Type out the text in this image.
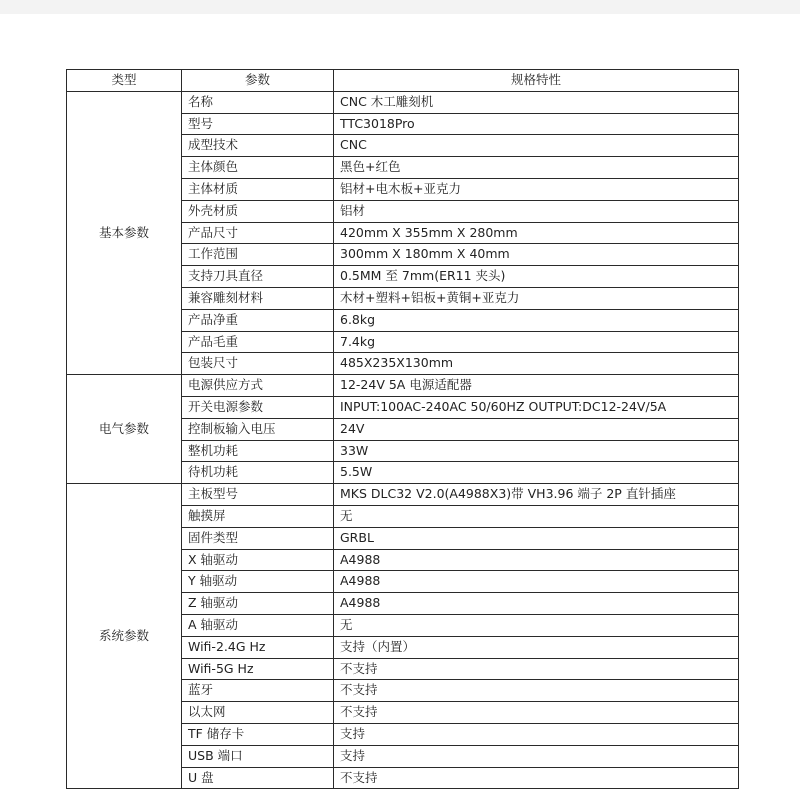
类型	参数	规格特性
基本参数	名称	CNC 木工雕刻机
	型号	TTC3018Pro
	成型技术	CNC
	主体颜色	黑色+红色
	主体材质	铝材+电木板+亚克力
	外壳材质	铝材
	产品尺寸	420mm X 355mm X 280mm
	工作范围	300mm X 180mm X 40mm
	支持刀具直径	0.5MM 至 7mm(ER11 夹头)
	兼容雕刻材料	木材+塑料+铝板+黄铜+亚克力
	产品净重	6.8kg
	产品毛重	7.4kg
	包装尺寸	485X235X130mm
电气参数	电源供应方式	12-24V 5A 电源适配器
	开关电源参数	INPUT:100AC-240AC 50/60HZ OUTPUT:DC12-24V/5A
	控制板输入电压	24V
	整机功耗	33W
	待机功耗	5.5W
系统参数	主板型号	MKS DLC32 V2.0(A4988X3)带 VH3.96 端子 2P 直针插座
	触摸屏	无
	固件类型	GRBL
	X 轴驱动	A4988
	Y 轴驱动	A4988
	Z 轴驱动	A4988
	A 轴驱动	无
	Wifi-2.4G Hz	支持（内置）
	Wifi-5G Hz	不支持
	蓝牙	不支持
	以太网	不支持
	TF 储存卡	支持
	USB 端口	支持
	U 盘	不支持
